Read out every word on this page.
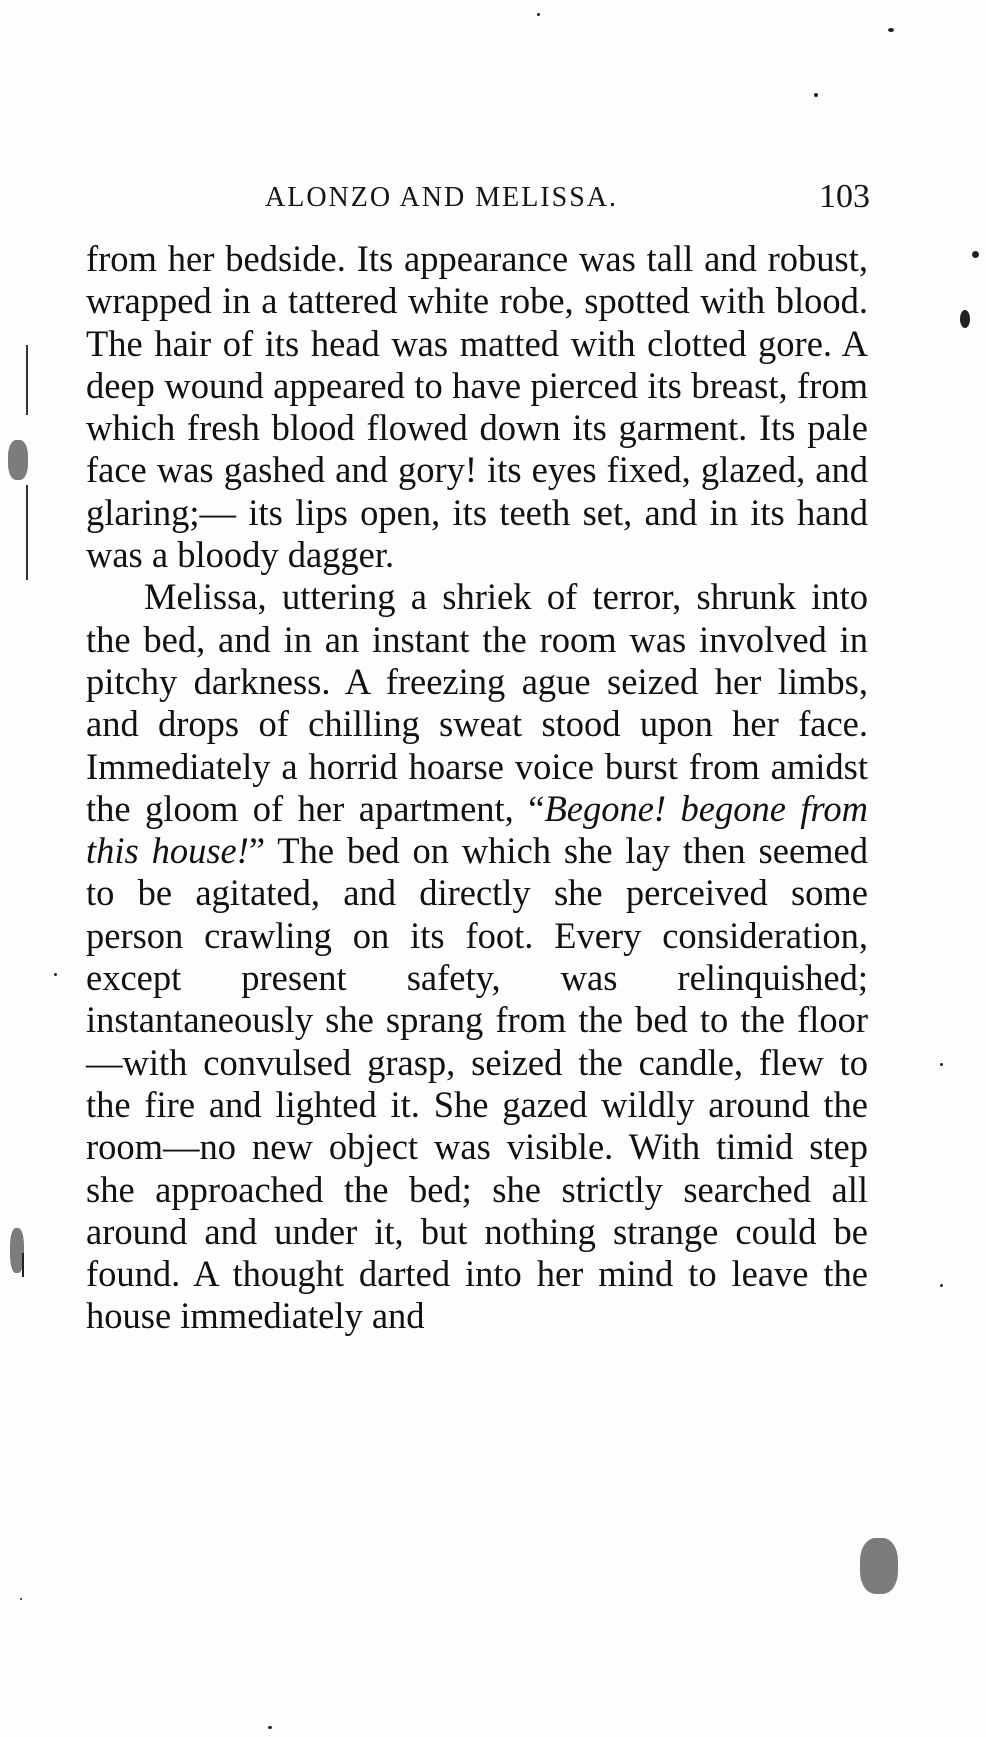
ALONZO AND MELISSA.	103

from her bedside. Its appearance was tall and robust, wrapped in a tattered white robe, spotted with blood. The hair of its head was matted with clotted gore. A deep wound appeared to have pierced its breast, from which fresh blood flowed down its garment. Its pale face was gashed and gory! its eyes fixed, glazed, and glaring;— its lips open, its teeth set, and in its hand was a bloody dagger.

Melissa, uttering a shriek of terror, shrunk into the bed, and in an instant the room was involved in pitchy darkness. A freezing ague seized her limbs, and drops of chilling sweat stood upon her face. Immediately a horrid hoarse voice burst from amidst the gloom of her apartment, “Begone! begone from this house!” The bed on which she lay then seemed to be agitated, and directly she perceived some person crawling on its foot. Every consideration, except present safety, was relinquished; instantaneously she sprang from the bed to the floor—with convulsed grasp, seized the candle, flew to the fire and lighted it. She gazed wildly around the room—no new object was visible. With timid step she approached the bed; she strictly searched all around and under it, but nothing strange could be found. A thought darted into her mind to leave the house immediately and
